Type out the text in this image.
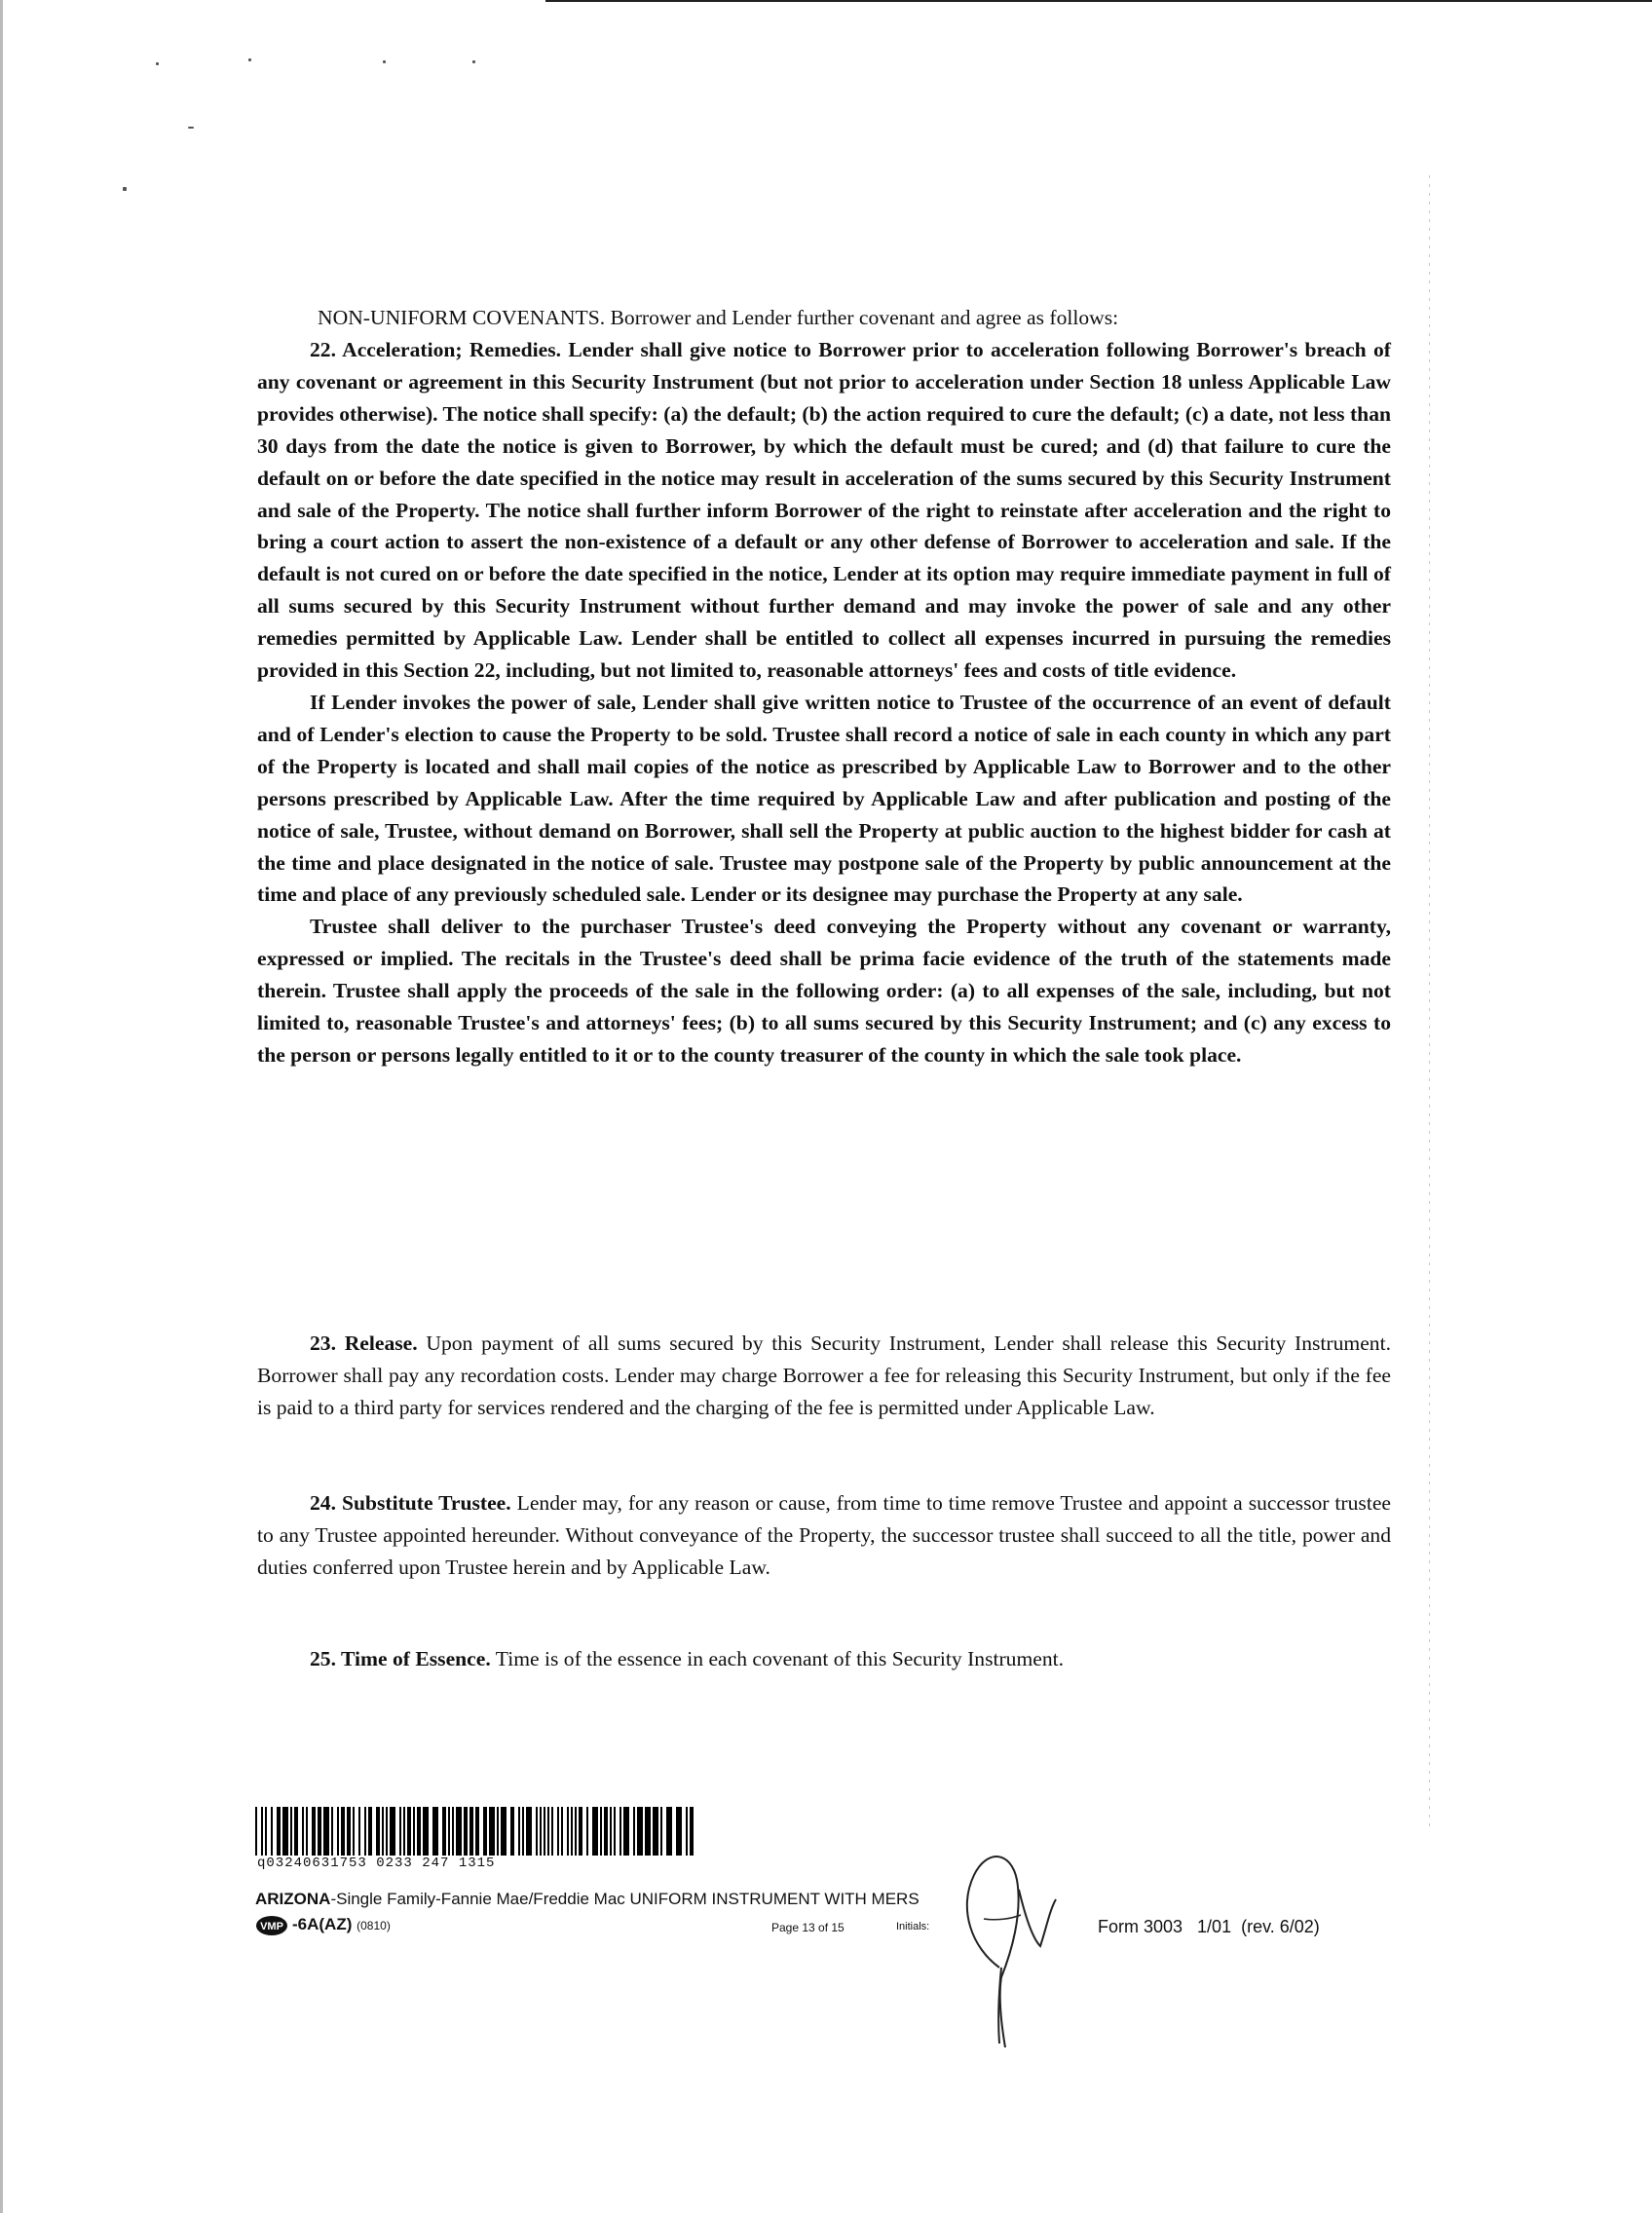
NON-UNIFORM COVENANTS. Borrower and Lender further covenant and agree as follows:

22. Acceleration; Remedies. Lender shall give notice to Borrower prior to acceleration following Borrower's breach of any covenant or agreement in this Security Instrument (but not prior to acceleration under Section 18 unless Applicable Law provides otherwise). The notice shall specify: (a) the default; (b) the action required to cure the default; (c) a date, not less than 30 days from the date the notice is given to Borrower, by which the default must be cured; and (d) that failure to cure the default on or before the date specified in the notice may result in acceleration of the sums secured by this Security Instrument and sale of the Property. The notice shall further inform Borrower of the right to reinstate after acceleration and the right to bring a court action to assert the non-existence of a default or any other defense of Borrower to acceleration and sale. If the default is not cured on or before the date specified in the notice, Lender at its option may require immediate payment in full of all sums secured by this Security Instrument without further demand and may invoke the power of sale and any other remedies permitted by Applicable Law. Lender shall be entitled to collect all expenses incurred in pursuing the remedies provided in this Section 22, including, but not limited to, reasonable attorneys' fees and costs of title evidence.

If Lender invokes the power of sale, Lender shall give written notice to Trustee of the occurrence of an event of default and of Lender's election to cause the Property to be sold. Trustee shall record a notice of sale in each county in which any part of the Property is located and shall mail copies of the notice as prescribed by Applicable Law to Borrower and to the other persons prescribed by Applicable Law. After the time required by Applicable Law and after publication and posting of the notice of sale, Trustee, without demand on Borrower, shall sell the Property at public auction to the highest bidder for cash at the time and place designated in the notice of sale. Trustee may postpone sale of the Property by public announcement at the time and place of any previously scheduled sale. Lender or its designee may purchase the Property at any sale.

Trustee shall deliver to the purchaser Trustee's deed conveying the Property without any covenant or warranty, expressed or implied. The recitals in the Trustee's deed shall be prima facie evidence of the truth of the statements made therein. Trustee shall apply the proceeds of the sale in the following order: (a) to all expenses of the sale, including, but not limited to, reasonable Trustee's and attorneys' fees; (b) to all sums secured by this Security Instrument; and (c) any excess to the person or persons legally entitled to it or to the county treasurer of the county in which the sale took place.

23. Release. Upon payment of all sums secured by this Security Instrument, Lender shall release this Security Instrument. Borrower shall pay any recordation costs. Lender may charge Borrower a fee for releasing this Security Instrument, but only if the fee is paid to a third party for services rendered and the charging of the fee is permitted under Applicable Law.

24. Substitute Trustee. Lender may, for any reason or cause, from time to time remove Trustee and appoint a successor trustee to any Trustee appointed hereunder. Without conveyance of the Property, the successor trustee shall succeed to all the title, power and duties conferred upon Trustee herein and by Applicable Law.

25. Time of Essence. Time is of the essence in each covenant of this Security Instrument.

q03240631753 0233 247 1315
ARIZONA-Single Family-Fannie Mae/Freddie Mac UNIFORM INSTRUMENT WITH MERS
VMP -6A(AZ) (0810)	Page 13 of 15	Initials:	Form 3003   1/01  (rev. 6/02)
